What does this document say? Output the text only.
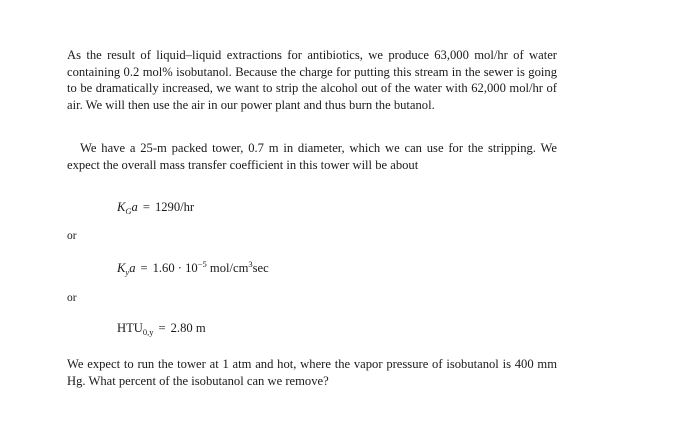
As the result of liquid–liquid extractions for antibiotics, we produce 63,000 mol/hr of water containing 0.2 mol% isobutanol. Because the charge for putting this stream in the sewer is going to be dramatically increased, we want to strip the alcohol out of the water with 62,000 mol/hr of air. We will then use the air in our power plant and thus burn the butanol.

We have a 25-m packed tower, 0.7 m in diameter, which we can use for the stripping. We expect the overall mass transfer coefficient in this tower will be about

$K_Ga = 1290/hr$
or
$K_ya = 1.60 \cdot 10^{-5}$ mol/$cm^3\sec$
or
$HTU_{0,y} = 2.80$ m

We expect to run the tower at 1 atm and hot, where the vapor pressure of isobutanol is 400 mm Hg. What percent of the isobutanol can we remove?
